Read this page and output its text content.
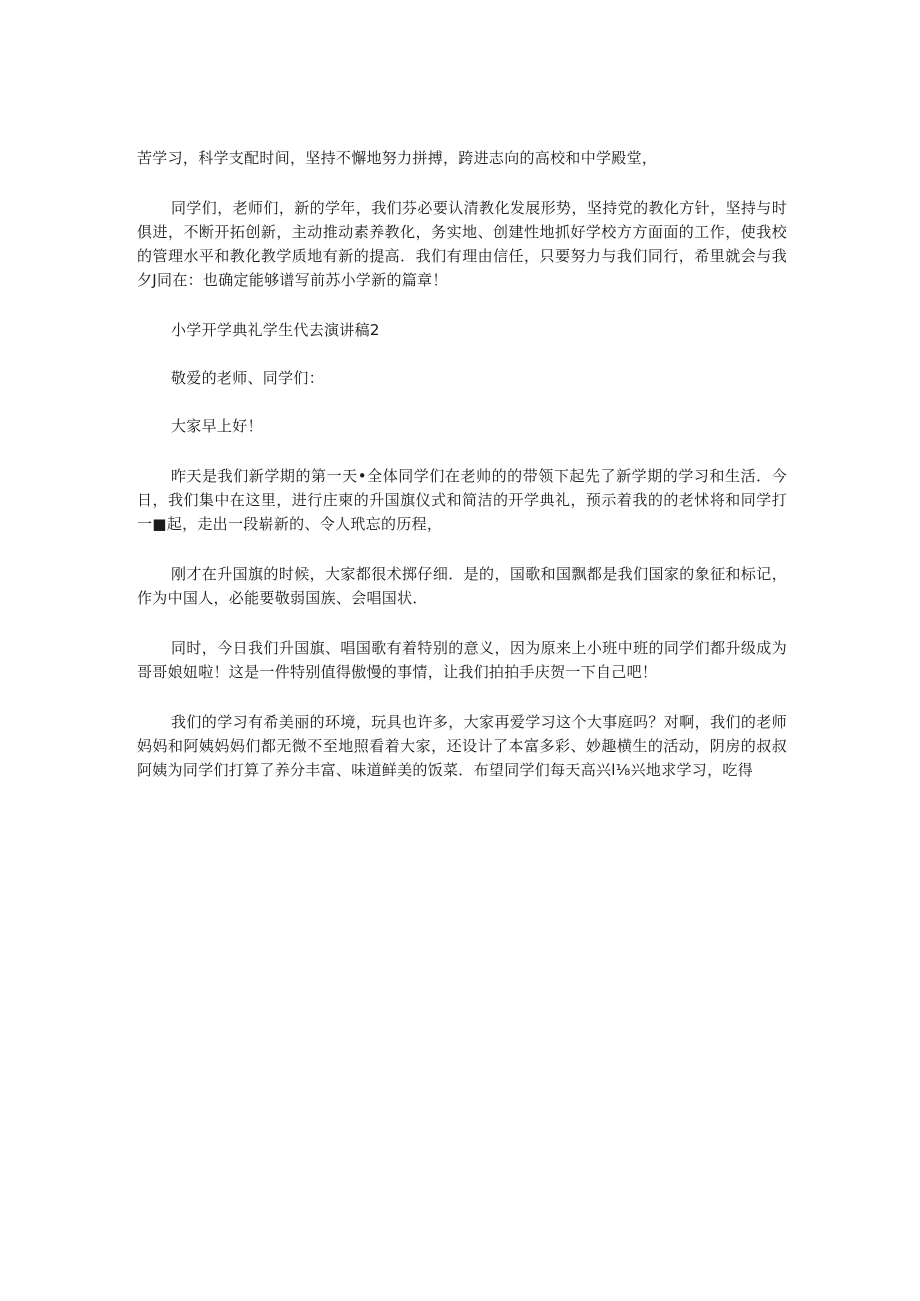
苦学习，科学支配时间，坚持不懈地努力拼搏，跨进志向的高校和中学殿堂，

同学们，老师们，新的学年，我们芬必要认清教化发展形势，坚持党的教化方针，坚持与时俱进，不断开拓创新，主动推动素养教化，务实地、创建性地抓好学校方方面面的工作，使我校的管理水平和教化教学质地有新的提高．我们有理由信任，只要努力与我们同行，希里就会与我夕J同在：也确定能够谱写前苏小学新的篇章！

小学开学典礼学生代去演讲稿2

敬爱的老师、同学们：

大家早上好！

昨天是我们新学期的第一天•全体同学们在老帅的的带领下起先了新学期的学习和生活．今日，我们集中在这里，进行庄柬的升国旗仪式和简洁的开学典礼，预示着我的的老怵将和同学打一■起，走出一段崭新的、令人玳忘的历程，

刚才在升国旗的时候，大家都很术掷仔细．是的，国歌和国飘都是我们国家的象征和标记，作为中国人，必能要敬弱国族、会唱国状．

同时，今日我们升国旗、唱国歌有着特别的意义，因为原来上小班中班的同学们都升级成为哥哥娘妞啦！这是一件特别值得傲慢的事情，让我们拍拍手庆贺一下自己吧！

我们的学习有希美丽的环境，玩具也许多，大家再爱学习这个大事庭吗？对啊，我们的老师妈妈和阿姨妈妈们都无微不至地照看着大家，还设计了本富多彩、妙趣横生的活动，阴房的叔叔阿姨为同学们打算了养分丰富、味道鲜美的饭菜．布望同学们每天高兴l⅛兴地求学习，吃得
